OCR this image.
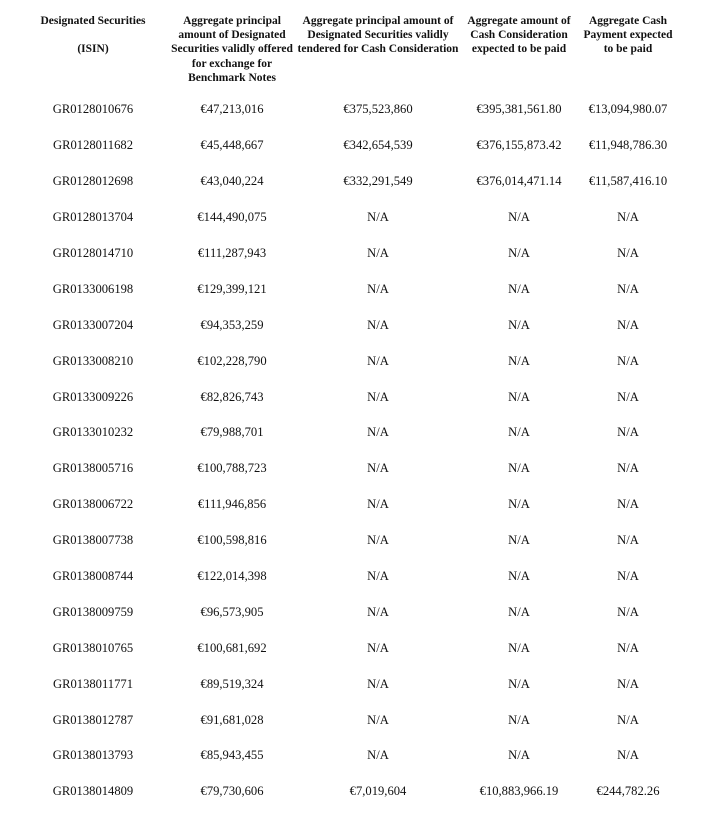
Designated Securities

(ISIN)	Aggregate principal amount of Designated Securities validly offered for exchange for Benchmark Notes	Aggregate principal amount of Designated Securities validly tendered for Cash Consideration	Aggregate amount of Cash Consideration expected to be paid	Aggregate Cash Payment expected to be paid
GR0128010676	€47,213,016	€375,523,860	€395,381,561.80	€13,094,980.07
GR0128011682	€45,448,667	€342,654,539	€376,155,873.42	€11,948,786.30
GR0128012698	€43,040,224	€332,291,549	€376,014,471.14	€11,587,416.10
GR0128013704	€144,490,075	N/A	N/A	N/A
GR0128014710	€111,287,943	N/A	N/A	N/A
GR0133006198	€129,399,121	N/A	N/A	N/A
GR0133007204	€94,353,259	N/A	N/A	N/A
GR0133008210	€102,228,790	N/A	N/A	N/A
GR0133009226	€82,826,743	N/A	N/A	N/A
GR0133010232	€79,988,701	N/A	N/A	N/A
GR0138005716	€100,788,723	N/A	N/A	N/A
GR0138006722	€111,946,856	N/A	N/A	N/A
GR0138007738	€100,598,816	N/A	N/A	N/A
GR0138008744	€122,014,398	N/A	N/A	N/A
GR0138009759	€96,573,905	N/A	N/A	N/A
GR0138010765	€100,681,692	N/A	N/A	N/A
GR0138011771	€89,519,324	N/A	N/A	N/A
GR0138012787	€91,681,028	N/A	N/A	N/A
GR0138013793	€85,943,455	N/A	N/A	N/A
GR0138014809	€79,730,606	€7,019,604	€10,883,966.19	€244,782.26
